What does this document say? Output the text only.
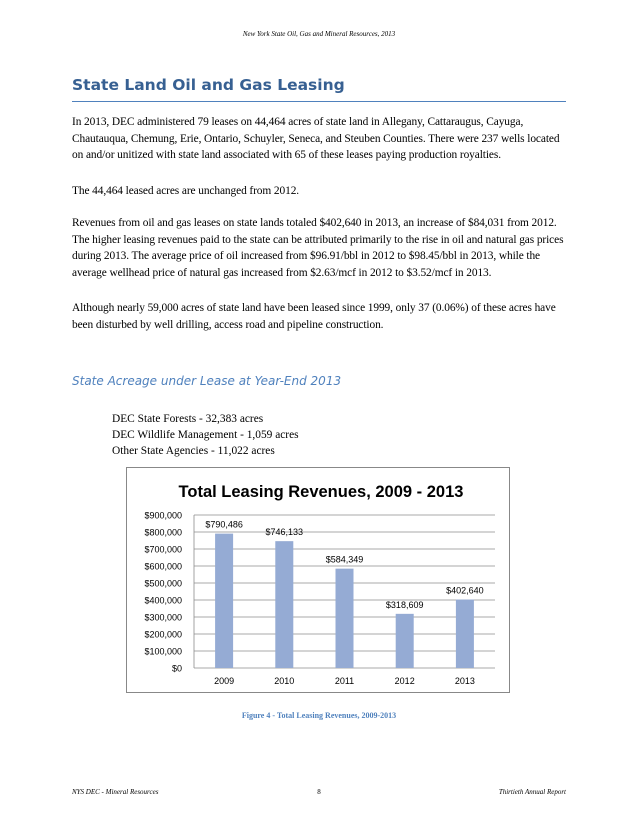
New York State Oil, Gas and Mineral Resources, 2013
State Land Oil and Gas Leasing

In 2013, DEC administered 79 leases on 44,464 acres of state land in Allegany, Cattaraugus, Cayuga, Chautauqua, Chemung, Erie, Ontario, Schuyler, Seneca, and Steuben Counties. There were 237 wells located on and/or unitized with state land associated with 65 of these leases paying production royalties.

The 44,464 leased acres are unchanged from 2012.

Revenues from oil and gas leases on state lands totaled $402,640 in 2013, an increase of $84,031 from 2012. The higher leasing revenues paid to the state can be attributed primarily to the rise in oil and natural gas prices during 2013. The average price of oil increased from $96.91/bbl in 2012 to $98.45/bbl in 2013, while the average wellhead price of natural gas increased from $2.63/mcf in 2012 to $3.52/mcf in 2013.

Although nearly 59,000 acres of state land have been leased since 1999, only 37 (0.06%) of these acres have been disturbed by well drilling, access road and pipeline construction.

State Acreage under Lease at Year-End 2013
DEC State Forests - 32,383 acres
DEC Wildlife Management - 1,059 acres
Other State Agencies - 11,022 acres
Total Leasing Revenues, 2009 - 2013
$0
$100,000
$200,000
$300,000
$400,000
$500,000
$600,000
$700,000
$800,000
$900,000
$790,486
2009
$746,133
2010
$584,349
2011
$318,609
2012
$402,640
2013
Figure 4 - Total Leasing Revenues, 2009-2013
NYS DEC - Mineral Resources	8	Thirtieth Annual Report
